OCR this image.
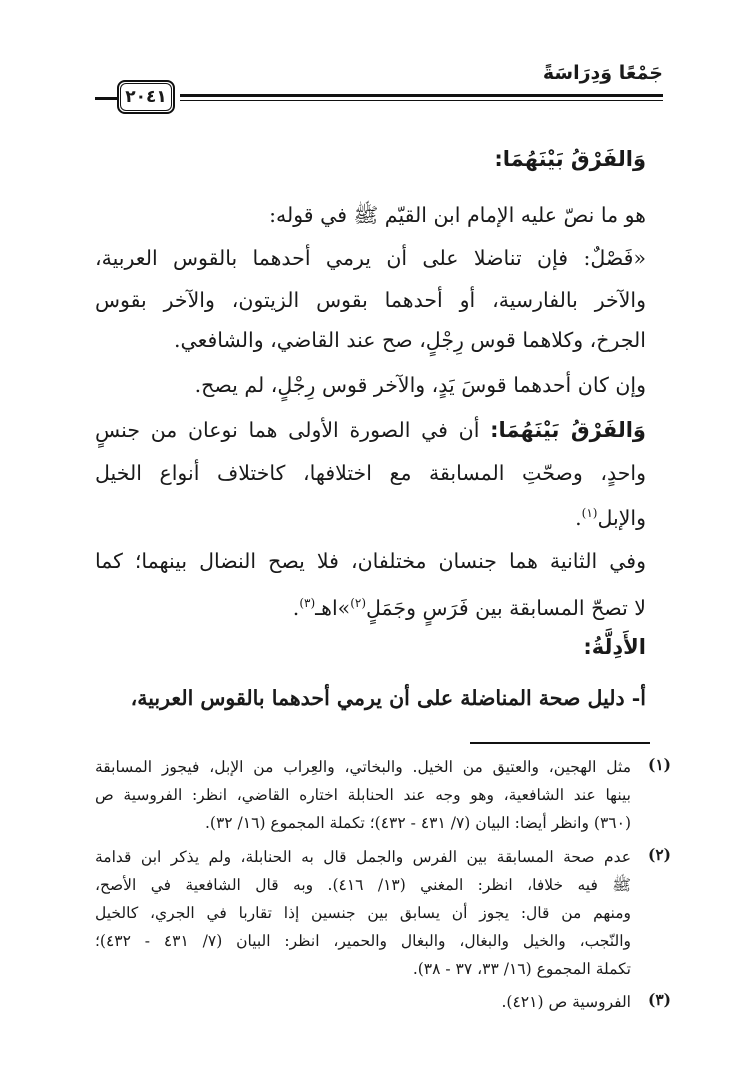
جَمْعًا وَدِرَاسَةً
٢٠٤١
وَالفَرْقُ بَيْنَهُمَا:
هو ما نصّ عليه الإمام ابن القيّم ﷺ في قوله:
«فَصْلٌ: فإن تناضلا على أن يرمي أحدهما بالقوس العربية،
والآخر بالفارسية، أو أحدهما بقوس الزيتون، والآخر بقوس
الجرخ، وكلاهما قوس رِجْلٍ، صح عند القاضي، والشافعي.
وإن كان أحدهما قوسَ يَدٍ، والآخر قوس رِجْلٍ، لم يصح.
وَالفَرْقُ بَيْنَهُمَا: أن في الصورة الأولى هما نوعان من جنسٍ
واحدٍ، وصحّتِ المسابقة مع اختلافها، كاختلاف أنواع الخيل
والإبل$^{(١)}$.
وفي الثانية هما جنسان مختلفان، فلا يصح النضال بينهما؛ كما
لا تصحّ المسابقة بين فَرَسٍ وجَمَلٍ$^{(٢)}$»اهـ$^{(٣)}$.
الأَدِلَّةُ:
أ- دليل صحة المناضلة على أن يرمي أحدهما بالقوس العربية،
(١)
مثل الهجين، والعتيق من الخيل. والبخاتي، والعِراب من الإبل، فيجوز المسابقة
بينها عند الشافعية، وهو وجه عند الحنابلة اختاره القاضي، انظر: الفروسية ص
(٣٦٠) وانظر أيضا: البيان (٧/ ٤٣١ - ٤٣٢)؛ تكملة المجموع (١٦/ ٣٢).
(٢)
عدم صحة المسابقة بين الفرس والجمل قال به الحنابلة، ولم يذكر ابن قدامة
ﷺ فيه خلافا، انظر: المغني (١٣/ ٤١٦). وبه قال الشافعية في الأصح،
ومنهم من قال: يجوز أن يسابق بين جنسين إذا تقاربا في الجري، كالخيل
والنّجب، والخيل والبغال، والبغال والحمير، انظر: البيان (٧/ ٤٣١ - ٤٣٢)؛
تكملة المجموع (١٦/ ٣٣، ٣٧ - ٣٨).
(٣)
الفروسية ص (٤٢١).
